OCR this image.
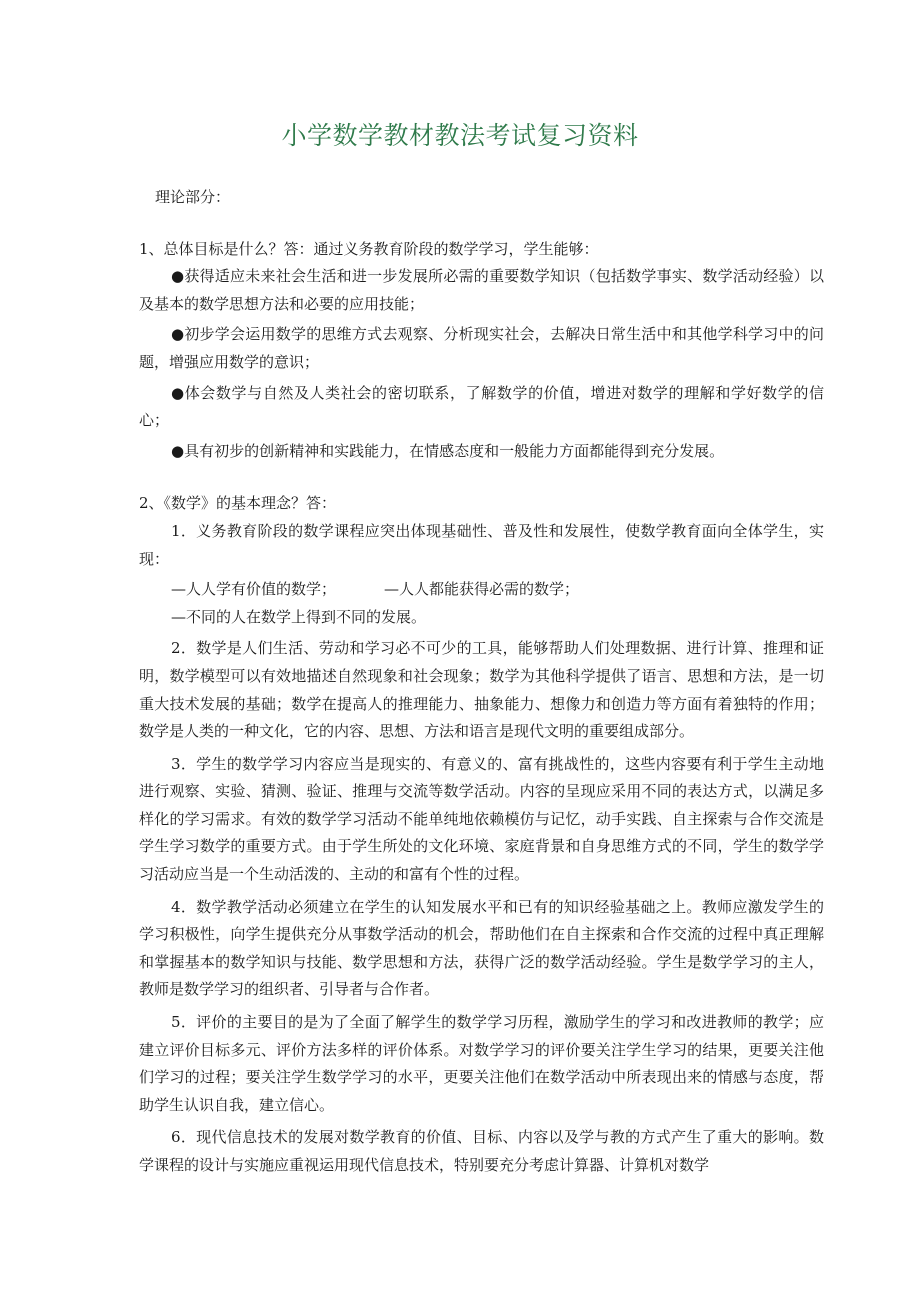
小学数学教材教法考试复习资料
理论部分：
1、总体目标是什么？答：通过义务教育阶段的数学学习，学生能够：
●获得适应未来社会生活和进一步发展所必需的重要数学知识（包括数学事实、数学活动经验）以及基本的数学思想方法和必要的应用技能；
●初步学会运用数学的思维方式去观察、分析现实社会，去解决日常生活中和其他学科学习中的问题，增强应用数学的意识；
●体会数学与自然及人类社会的密切联系，了解数学的价值，增进对数学的理解和学好数学的信心；
●具有初步的创新精神和实践能力，在情感态度和一般能力方面都能得到充分发展。
2、《数学》的基本理念？答：
1．义务教育阶段的数学课程应突出体现基础性、普及性和发展性，使数学教育面向全体学生，实现：
—人人学有价值的数学；	—人人都能获得必需的数学；
—不同的人在数学上得到不同的发展。
2．数学是人们生活、劳动和学习必不可少的工具，能够帮助人们处理数据、进行计算、推理和证明，数学模型可以有效地描述自然现象和社会现象；数学为其他科学提供了语言、思想和方法，是一切重大技术发展的基础；数学在提高人的推理能力、抽象能力、想像力和创造力等方面有着独特的作用；数学是人类的一种文化，它的内容、思想、方法和语言是现代文明的重要组成部分。
3．学生的数学学习内容应当是现实的、有意义的、富有挑战性的，这些内容要有利于学生主动地进行观察、实验、猜测、验证、推理与交流等数学活动。内容的呈现应采用不同的表达方式，以满足多样化的学习需求。有效的数学学习活动不能单纯地依赖模仿与记忆，动手实践、自主探索与合作交流是学生学习数学的重要方式。由于学生所处的文化环境、家庭背景和自身思维方式的不同，学生的数学学习活动应当是一个生动活泼的、主动的和富有个性的过程。
4．数学教学活动必须建立在学生的认知发展水平和已有的知识经验基础之上。教师应激发学生的学习积极性，向学生提供充分从事数学活动的机会，帮助他们在自主探索和合作交流的过程中真正理解和掌握基本的数学知识与技能、数学思想和方法，获得广泛的数学活动经验。学生是数学学习的主人，教师是数学学习的组织者、引导者与合作者。
5．评价的主要目的是为了全面了解学生的数学学习历程，激励学生的学习和改进教师的教学；应建立评价目标多元、评价方法多样的评价体系。对数学学习的评价要关注学生学习的结果，更要关注他们学习的过程；要关注学生数学学习的水平，更要关注他们在数学活动中所表现出来的情感与态度，帮助学生认识自我，建立信心。
6．现代信息技术的发展对数学教育的价值、目标、内容以及学与教的方式产生了重大的影响。数学课程的设计与实施应重视运用现代信息技术，特别要充分考虑计算器、计算机对数学
